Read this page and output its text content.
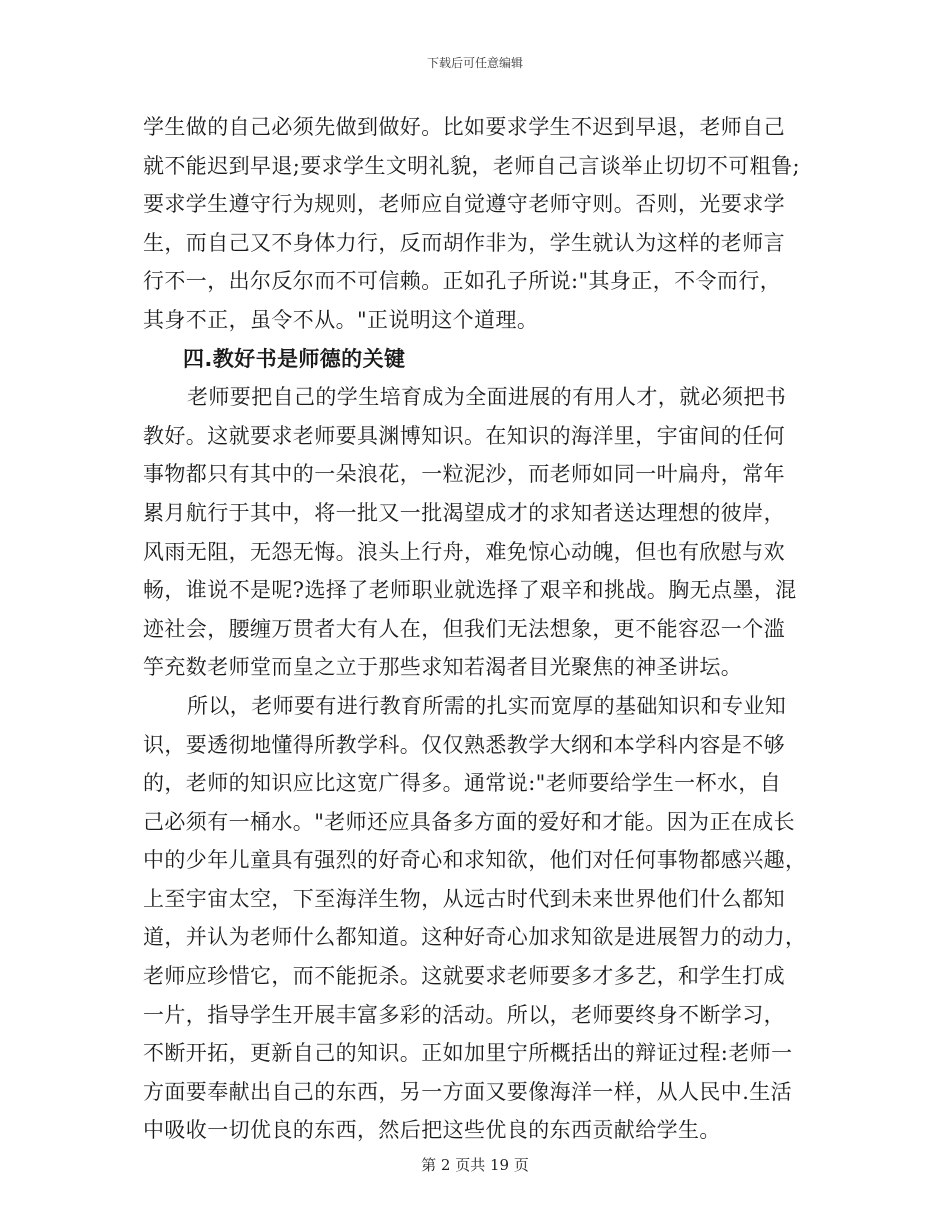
下载后可任意编辑
学生做的自己必须先做到做好。比如要求学生不迟到早退，老师自己
就不能迟到早退;要求学生文明礼貌，老师自己言谈举止切切不可粗鲁;
要求学生遵守行为规则，老师应自觉遵守老师守则。否则，光要求学
生，而自己又不身体力行，反而胡作非为，学生就认为这样的老师言
行不一，出尔反尔而不可信赖。正如孔子所说:"其身正，不令而行，
其身不正，虽令不从。"正说明这个道理。
四.教好书是师德的关键
老师要把自己的学生培育成为全面进展的有用人才，就必须把书
教好。这就要求老师要具渊博知识。在知识的海洋里，宇宙间的任何
事物都只有其中的一朵浪花，一粒泥沙，而老师如同一叶扁舟，常年
累月航行于其中，将一批又一批渴望成才的求知者送达理想的彼岸，
风雨无阻，无怨无悔。浪头上行舟，难免惊心动魄，但也有欣慰与欢
畅，谁说不是呢?选择了老师职业就选择了艰辛和挑战。胸无点墨，混
迹社会，腰缠万贯者大有人在，但我们无法想象，更不能容忍一个滥
竽充数老师堂而皇之立于那些求知若渴者目光聚焦的神圣讲坛。
所以，老师要有进行教育所需的扎实而宽厚的基础知识和专业知
识，要透彻地懂得所教学科。仅仅熟悉教学大纲和本学科内容是不够
的，老师的知识应比这宽广得多。通常说:"老师要给学生一杯水，自
己必须有一桶水。"老师还应具备多方面的爱好和才能。因为正在成长
中的少年儿童具有强烈的好奇心和求知欲，他们对任何事物都感兴趣，
上至宇宙太空，下至海洋生物，从远古时代到未来世界他们什么都知
道，并认为老师什么都知道。这种好奇心加求知欲是进展智力的动力，
老师应珍惜它，而不能扼杀。这就要求老师要多才多艺，和学生打成
一片，指导学生开展丰富多彩的活动。所以，老师要终身不断学习，
不断开拓，更新自己的知识。正如加里宁所概括出的辩证过程:老师一
方面要奉献出自己的东西，另一方面又要像海洋一样，从人民中.生活
中吸收一切优良的东西，然后把这些优良的东西贡献给学生。
第 2 页共 19 页
